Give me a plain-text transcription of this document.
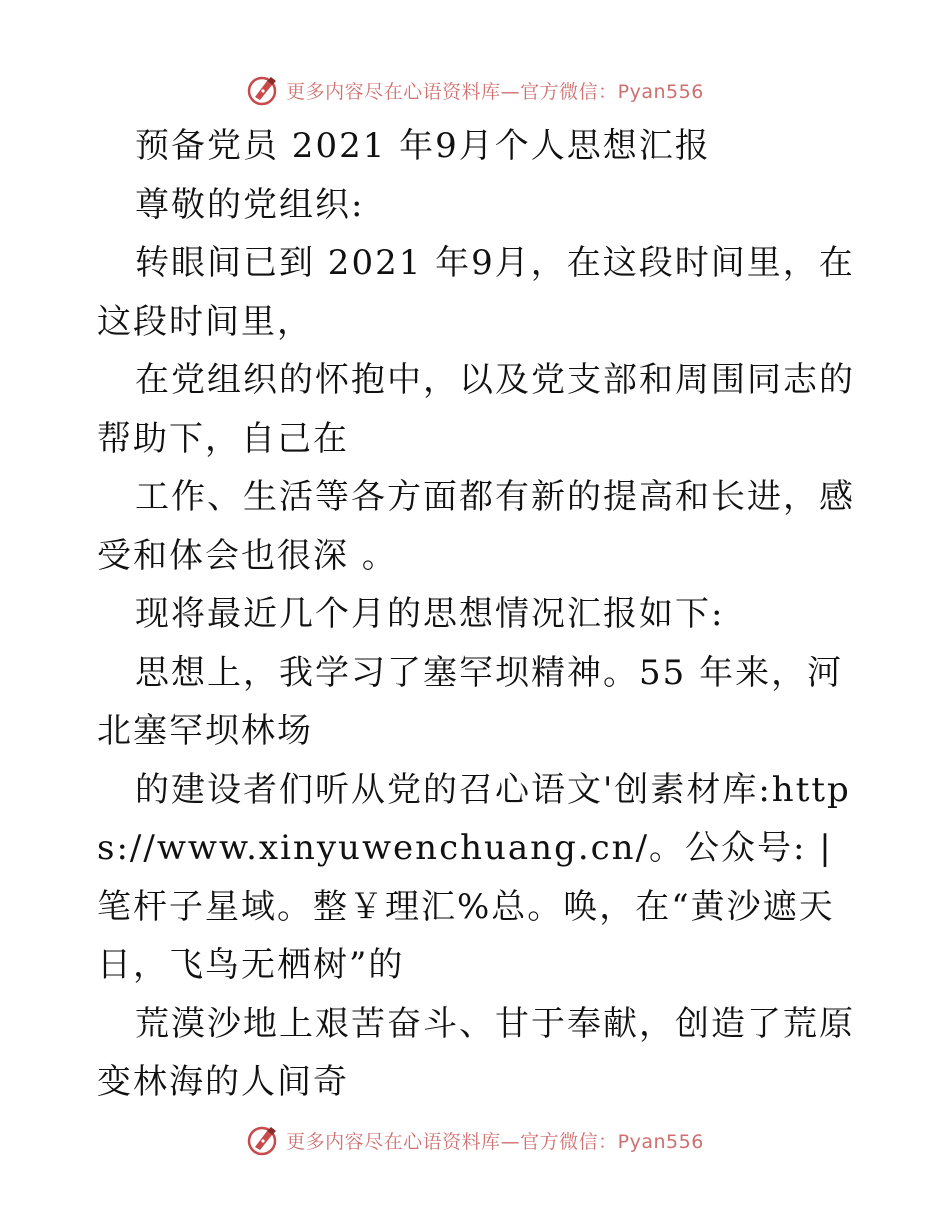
更多内容尽在心语资料库—官方微信：Pyan556

预备党员 2021 年9月个人思想汇报

尊敬的党组织:

转眼间已到 2021 年9月，在这段时间里，在这段时间里，

在党组织的怀抱中，以及党支部和周围同志的帮助下，自己在

工作、生活等各方面都有新的提高和长进，感受和体会也很深 。

现将最近几个月的思想情况汇报如下:

思想上，我学习了塞罕坝精神。55 年来，河北塞罕坝林场

的建设者们听从党的召心语文'创素材库:https://www.xinyuwenchuang.cn/。公众号: |笔杆子星域。整￥理汇%总。唤，在“黄沙遮天日，飞鸟无栖树”的

荒漠沙地上艰苦奋斗、甘于奉献，创造了荒原变林海的人间奇

更多内容尽在心语资料库—官方微信：Pyan556
